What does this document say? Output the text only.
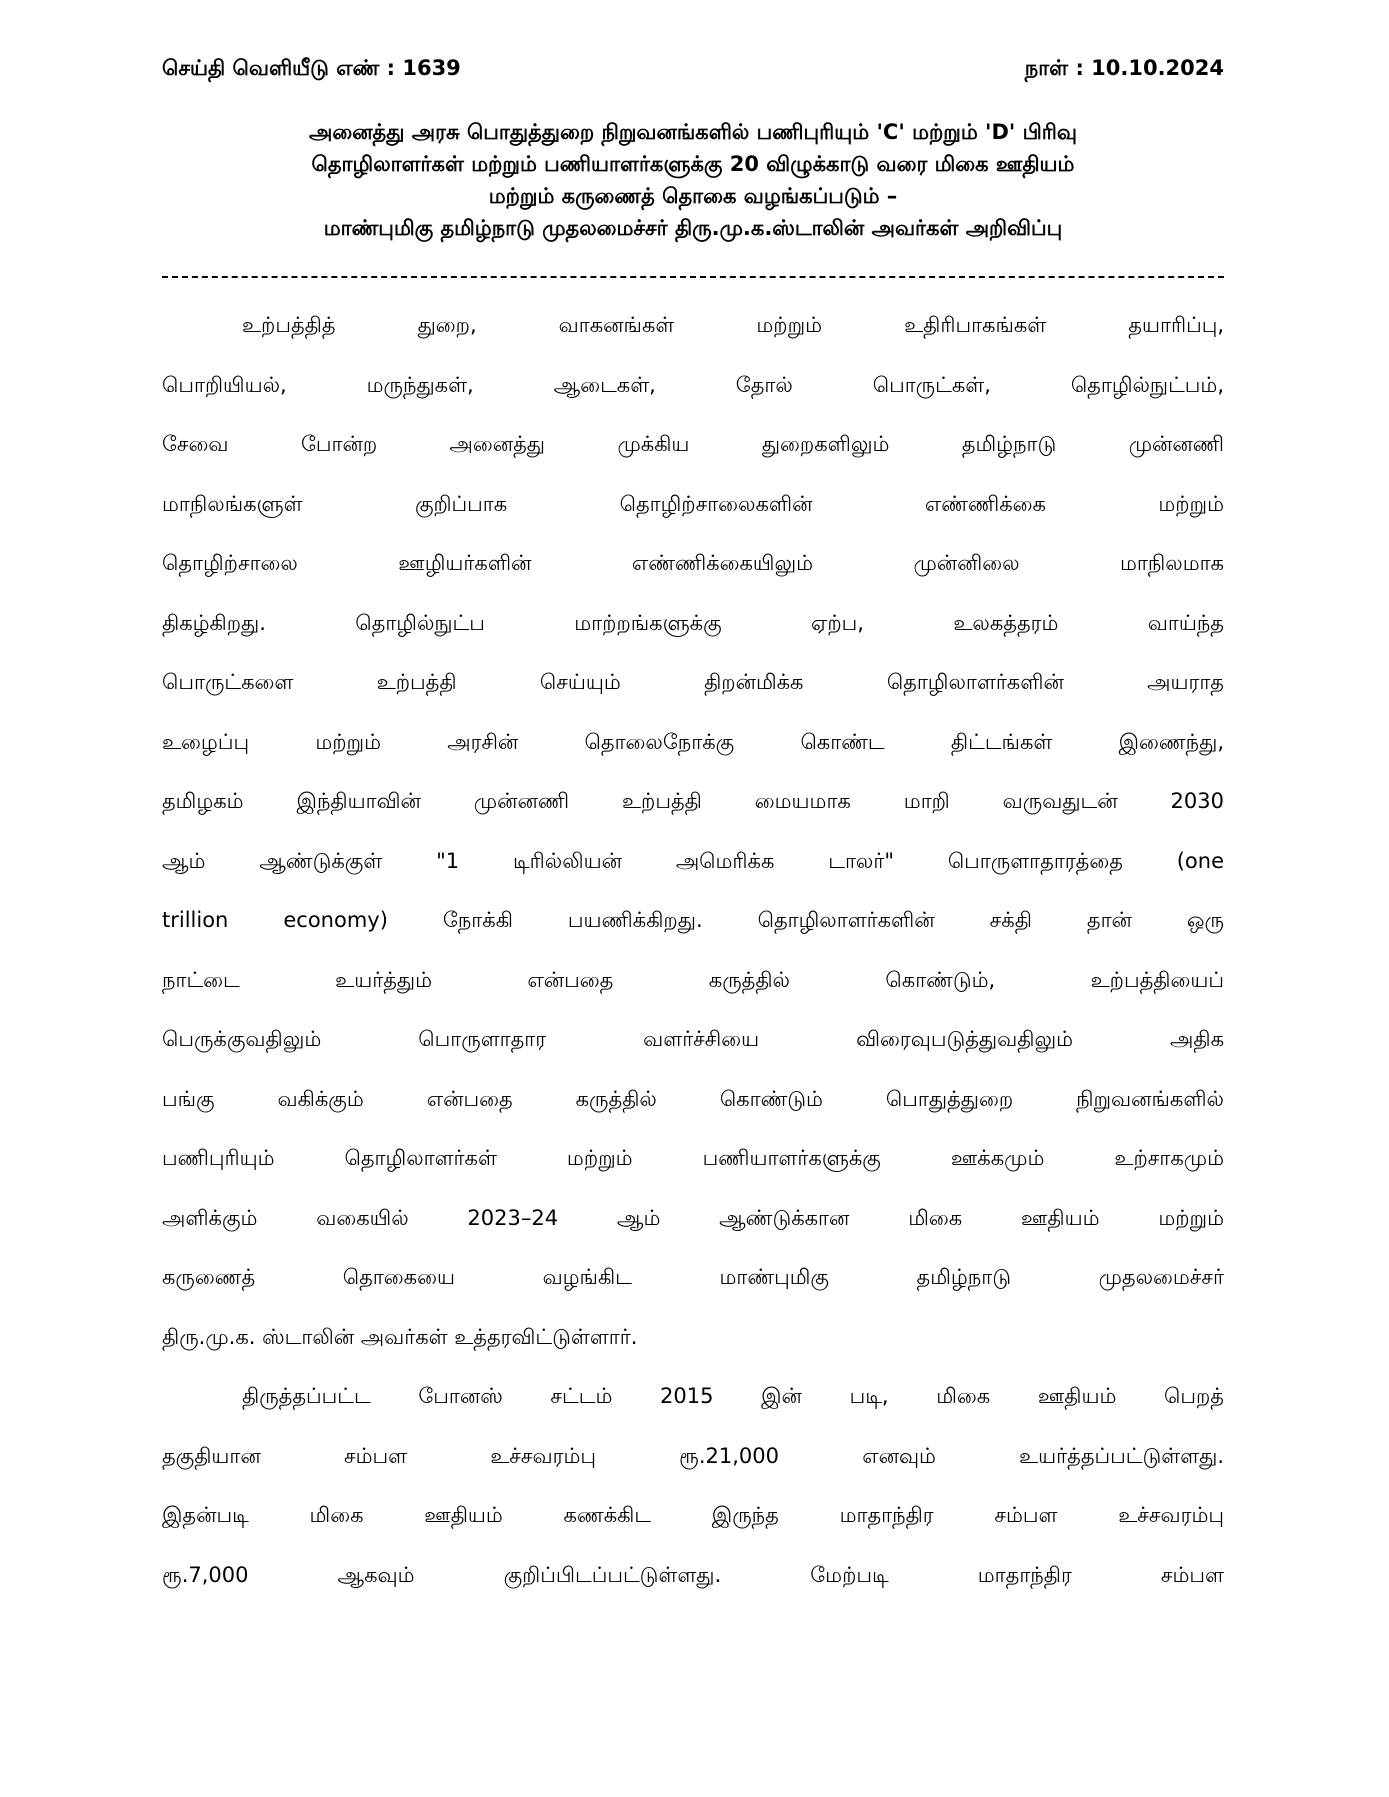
செய்தி வெளியீடு எண் : 1639	நாள் : 10.10.2024
அனைத்து அரசு பொதுத்துறை நிறுவனங்களில் பணிபுரியும் 'C' மற்றும் 'D' பிரிவு
தொழிலாளர்கள் மற்றும் பணியாளர்களுக்கு 20 விழுக்காடு வரை மிகை ஊதியம்
மற்றும் கருணைத் தொகை வழங்கப்படும் –
மாண்புமிகு தமிழ்நாடு முதலமைச்சர் திரு.மு.க.ஸ்டாலின் அவர்கள் அறிவிப்பு
உற்பத்தித் துறை, வாகனங்கள் மற்றும் உதிரிபாகங்கள் தயாரிப்பு,
பொறியியல், மருந்துகள், ஆடைகள், தோல் பொருட்கள், தொழில்நுட்பம்,
சேவை போன்ற அனைத்து முக்கிய துறைகளிலும் தமிழ்நாடு முன்னணி
மாநிலங்களுள் குறிப்பாக தொழிற்சாலைகளின் எண்ணிக்கை மற்றும்
தொழிற்சாலை ஊழியர்களின் எண்ணிக்கையிலும் முன்னிலை மாநிலமாக
திகழ்கிறது. தொழில்நுட்ப மாற்றங்களுக்கு ஏற்ப, உலகத்தரம் வாய்ந்த
பொருட்களை உற்பத்தி செய்யும் திறன்மிக்க தொழிலாளர்களின் அயராத
உழைப்பு மற்றும் அரசின் தொலைநோக்கு கொண்ட திட்டங்கள் இணைந்து,
தமிழகம் இந்தியாவின் முன்னணி உற்பத்தி மையமாக மாறி வருவதுடன் 2030
ஆம் ஆண்டுக்குள் "1 டிரில்லியன் அமெரிக்க டாலர்" பொருளாதாரத்தை (one
trillion economy) நோக்கி பயணிக்கிறது. தொழிலாளர்களின் சக்தி தான் ஒரு
நாட்டை உயர்த்தும் என்பதை கருத்தில் கொண்டும், உற்பத்தியைப்
பெருக்குவதிலும் பொருளாதார வளர்ச்சியை விரைவுபடுத்துவதிலும் அதிக
பங்கு வகிக்கும் என்பதை கருத்தில் கொண்டும் பொதுத்துறை நிறுவனங்களில்
பணிபுரியும் தொழிலாளர்கள் மற்றும் பணியாளர்களுக்கு ஊக்கமும் உற்சாகமும்
அளிக்கும் வகையில் 2023–24 ஆம் ஆண்டுக்கான மிகை ஊதியம் மற்றும்
கருணைத் தொகையை வழங்கிட மாண்புமிகு தமிழ்நாடு முதலமைச்சர்
திரு.மு.க. ஸ்டாலின் அவர்கள் உத்தரவிட்டுள்ளார்.
திருத்தப்பட்ட போனஸ் சட்டம் 2015 இன் படி, மிகை ஊதியம் பெறத்
தகுதியான சம்பள உச்சவரம்பு ரூ.21,000 எனவும் உயர்த்தப்பட்டுள்ளது.
இதன்படி மிகை ஊதியம் கணக்கிட இருந்த மாதாந்திர சம்பள உச்சவரம்பு
ரூ.7,000 ஆகவும் குறிப்பிடப்பட்டுள்ளது. மேற்படி மாதாந்திர சம்பள
